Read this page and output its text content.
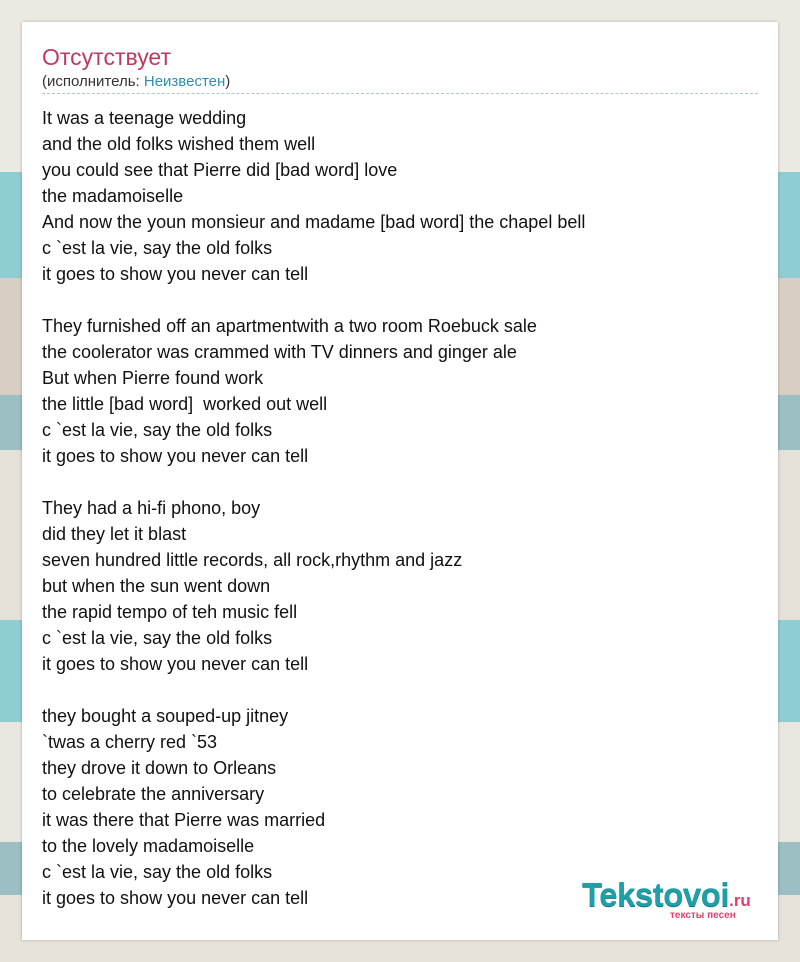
Отсутствует
(исполнитель: Неизвестен)
It was a teenage wedding
and the old folks wished them well
you could see that Pierre did [bad word] love
the madamoiselle
And now the youn monsieur and madame [bad word] the chapel bell
c `est la vie, say the old folks
it goes to show you never can tell
They furnished off an apartmentwith a two room Roebuck sale
the coolerator was crammed with TV dinners and ginger ale
But when Pierre found work
the little [bad word]  worked out well
c `est la vie, say the old folks
it goes to show you never can tell
They had a hi-fi phono, boy
did they let it blast
seven hundred little records, all rock,rhythm and jazz
but when the sun went down
the rapid tempo of teh music fell
c `est la vie, say the old folks
it goes to show you never can tell
they bought a souped-up jitney
`twas a cherry red `53
they drove it down to Orleans
to celebrate the anniversary
it was there that Pierre was married
to the lovely madamoiselle
c `est la vie, say the old folks
it goes to show you never can tell	Tekstovoi.ru
тексты песен
